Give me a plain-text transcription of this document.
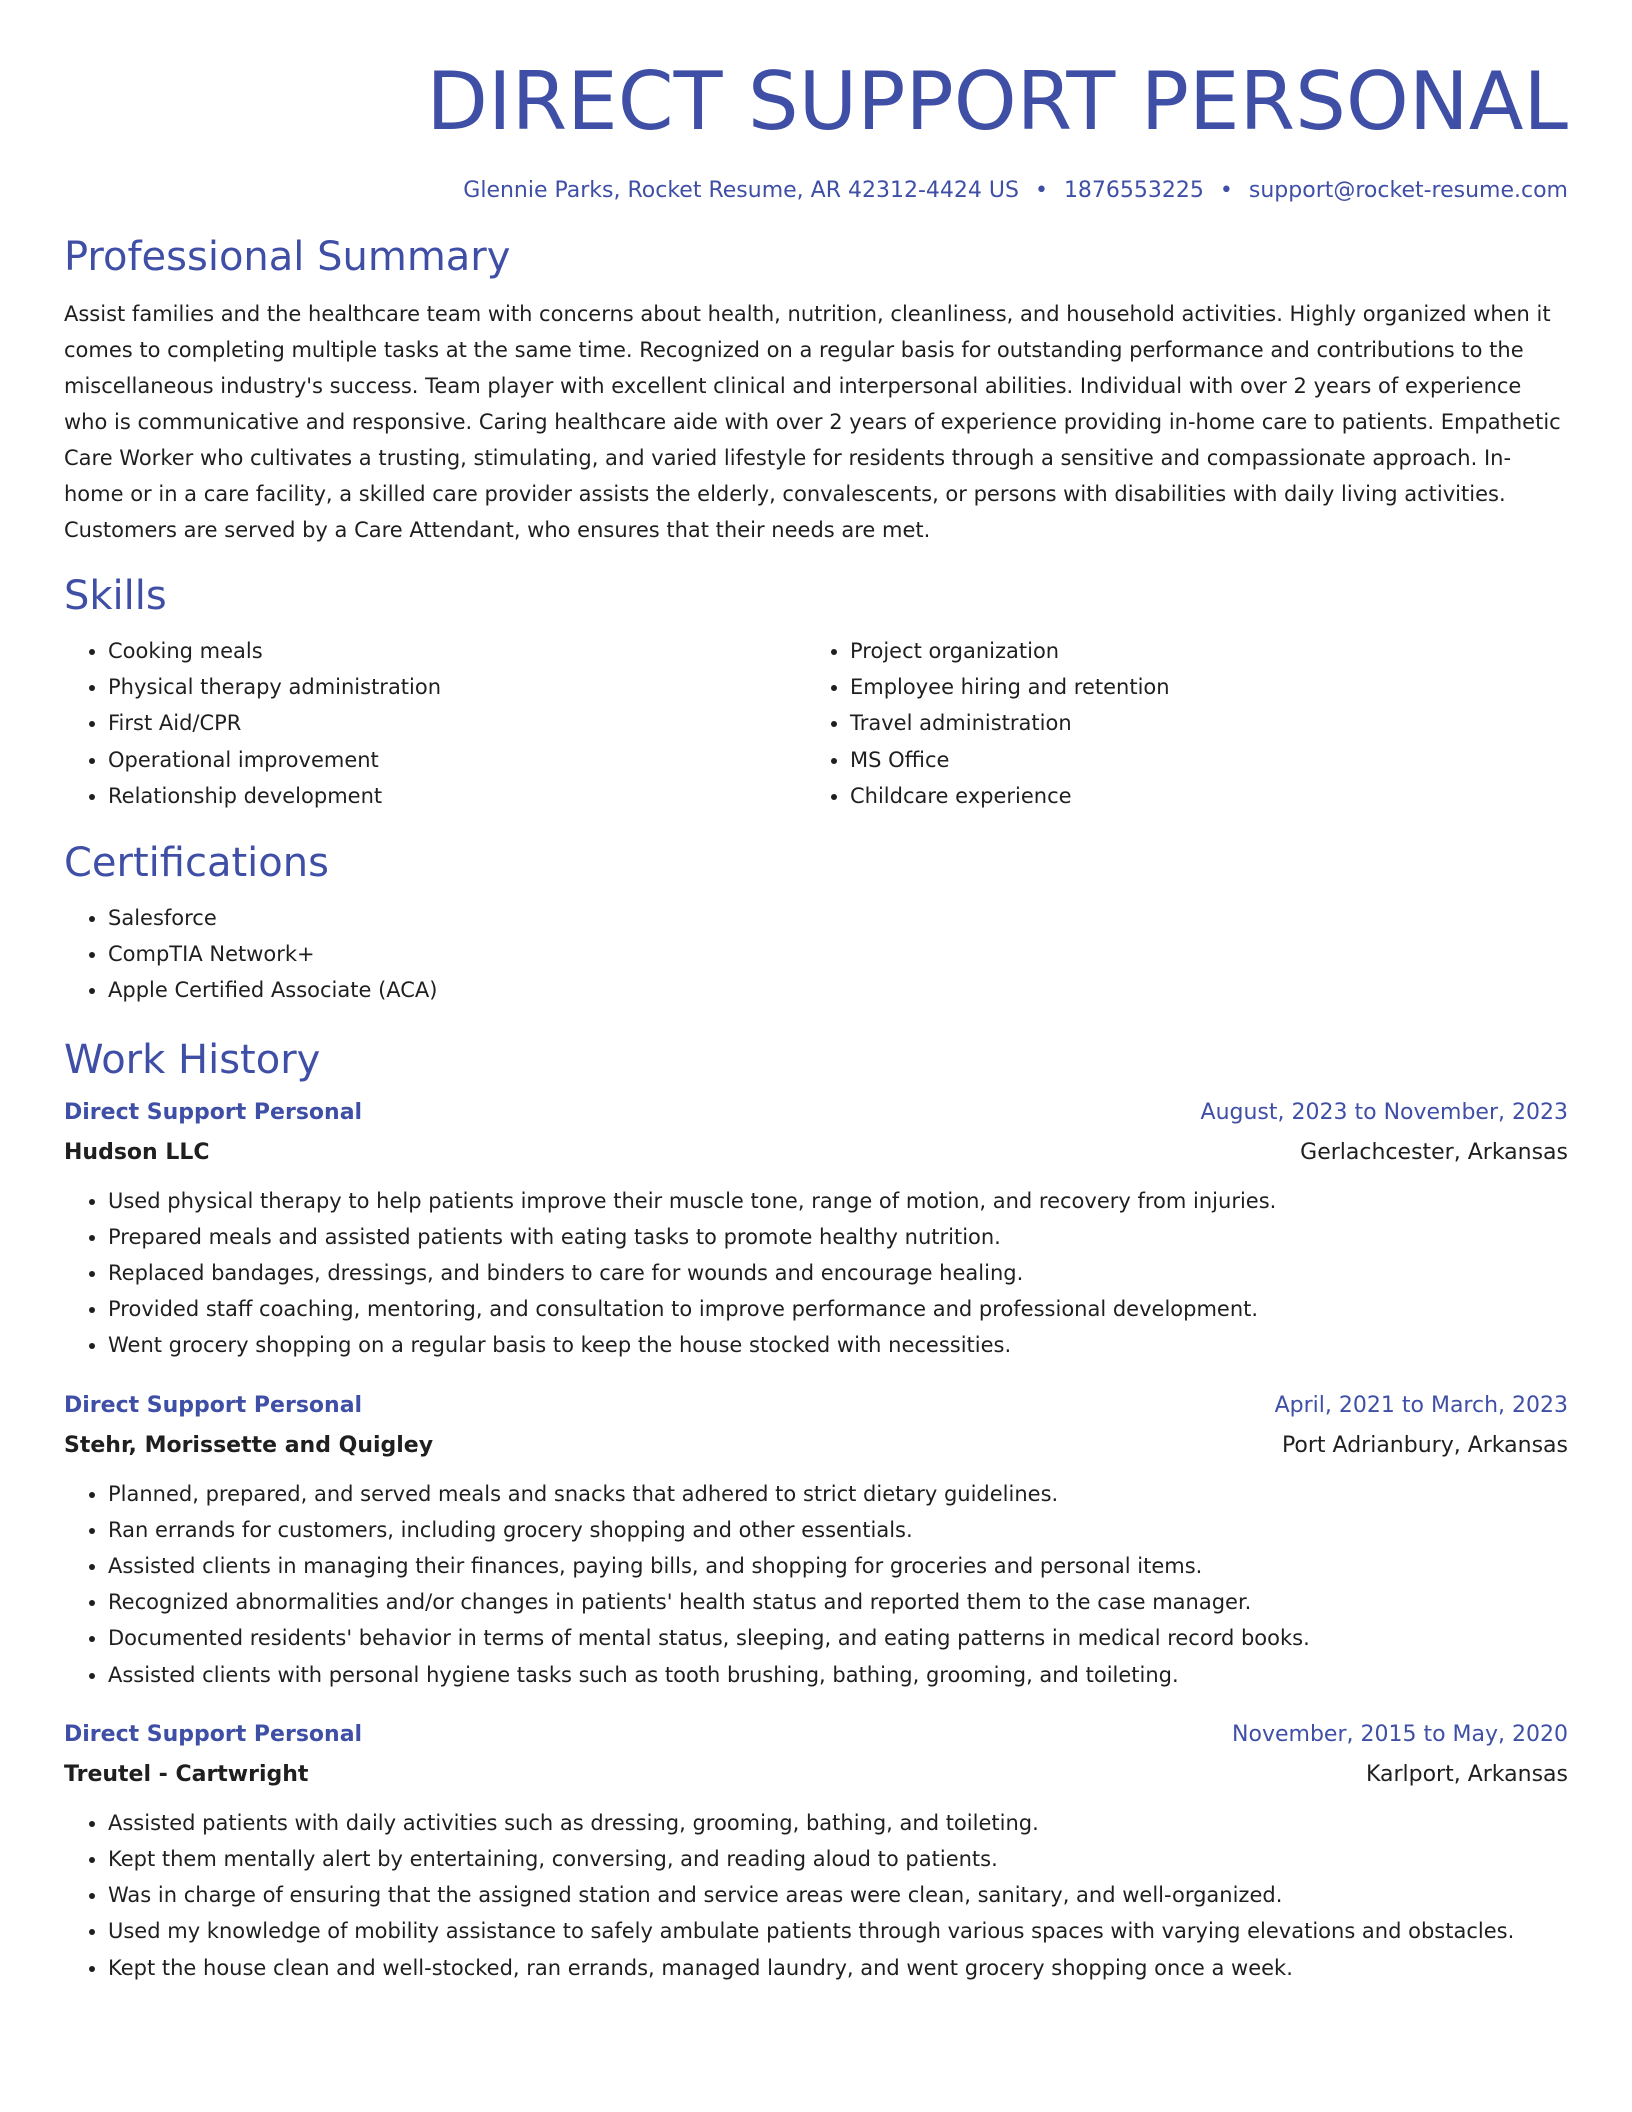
DIRECT SUPPORT PERSONAL
Glennie Parks, Rocket Resume, AR 42312-4424 US • 1876553225 • support@rocket-resume.com
Professional Summary

Assist families and the healthcare team with concerns about health, nutrition, cleanliness, and household activities. Highly organized when it comes to completing multiple tasks at the same time. Recognized on a regular basis for outstanding performance and contributions to the miscellaneous industry's success. Team player with excellent clinical and interpersonal abilities. Individual with over 2 years of experience who is communicative and responsive. Caring healthcare aide with over 2 years of experience providing in-home care to patients. Empathetic Care Worker who cultivates a trusting, stimulating, and varied lifestyle for residents through a sensitive and compassionate approach. In-home or in a care facility, a skilled care provider assists the elderly, convalescents, or persons with disabilities with daily living activities. Customers are served by a Care Attendant, who ensures that their needs are met.

Skills
• Cooking meals
• Physical therapy administration
• First Aid/CPR
• Operational improvement
• Relationship development
• Project organization
• Employee hiring and retention
• Travel administration
• MS Office
• Childcare experience
Certifications
• Salesforce
• CompTIA Network+
• Apple Certified Associate (ACA)
Work History
Direct Support Personal	August, 2023 to November, 2023
Hudson LLC	Gerlachcester, Arkansas
• Used physical therapy to help patients improve their muscle tone, range of motion, and recovery from injuries.
• Prepared meals and assisted patients with eating tasks to promote healthy nutrition.
• Replaced bandages, dressings, and binders to care for wounds and encourage healing.
• Provided staff coaching, mentoring, and consultation to improve performance and professional development.
• Went grocery shopping on a regular basis to keep the house stocked with necessities.
Direct Support Personal	April, 2021 to March, 2023
Stehr, Morissette and Quigley	Port Adrianbury, Arkansas
• Planned, prepared, and served meals and snacks that adhered to strict dietary guidelines.
• Ran errands for customers, including grocery shopping and other essentials.
• Assisted clients in managing their finances, paying bills, and shopping for groceries and personal items.
• Recognized abnormalities and/or changes in patients' health status and reported them to the case manager.
• Documented residents' behavior in terms of mental status, sleeping, and eating patterns in medical record books.
• Assisted clients with personal hygiene tasks such as tooth brushing, bathing, grooming, and toileting.
Direct Support Personal	November, 2015 to May, 2020
Treutel - Cartwright	Karlport, Arkansas
• Assisted patients with daily activities such as dressing, grooming, bathing, and toileting.
• Kept them mentally alert by entertaining, conversing, and reading aloud to patients.
• Was in charge of ensuring that the assigned station and service areas were clean, sanitary, and well-organized.
• Used my knowledge of mobility assistance to safely ambulate patients through various spaces with varying elevations and obstacles.
• Kept the house clean and well-stocked, ran errands, managed laundry, and went grocery shopping once a week.
